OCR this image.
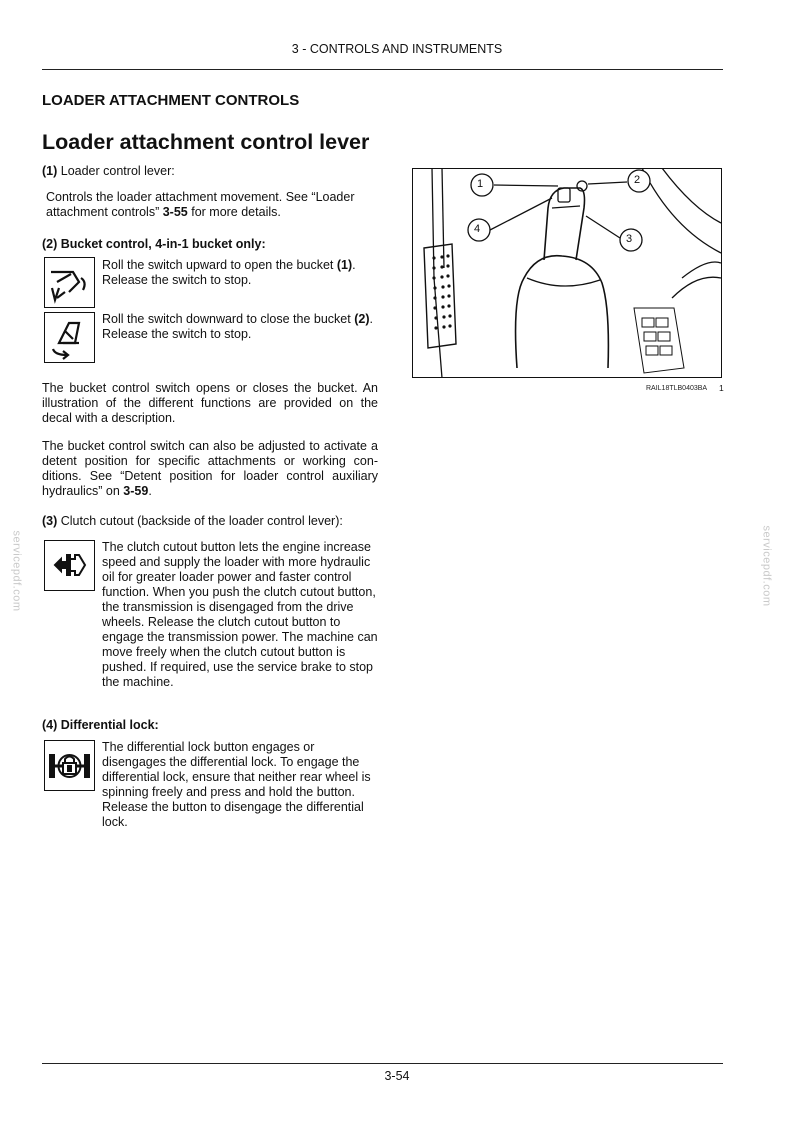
3 - CONTROLS AND INSTRUMENTS
LOADER ATTACHMENT CONTROLS
Loader attachment control lever
(1) Loader control lever:
Controls the loader attachment movement. See “Loader attachment controls” 3-55 for more details.
(2) Bucket control, 4-in-1 bucket only:
Roll the switch upward to open the bucket (1). Release the switch to stop.
Roll the switch downward to close the bucket (2). Release the switch to stop.
The bucket control switch opens or closes the bucket. An illustration of the different functions are provided on the decal with a description.
The bucket control switch can also be adjusted to activate a detent position for specific attachments or working con-ditions. See “Detent position for loader control auxiliary hydraulics” on 3-59.
(3) Clutch cutout (backside of the loader control lever):
The clutch cutout button lets the engine increase speed and supply the loader with more hydraulic oil for greater loader power and faster control function. When you push the clutch cutout button, the transmission is disengaged from the drive wheels. Release the clutch cutout button to engage the transmission power. The machine can move freely when the clutch cutout button is pushed. If required, use the service brake to stop the machine.
(4) Differential lock:
The differential lock button engages or disengages the differential lock. To engage the differential lock, ensure that neither rear wheel is spinning freely and press and hold the button. Release the button to disengage the differential lock.
1	2
3
4
RAIL18TLB0403BA 1
servicepdf.com	servicepdf.com
3-54
